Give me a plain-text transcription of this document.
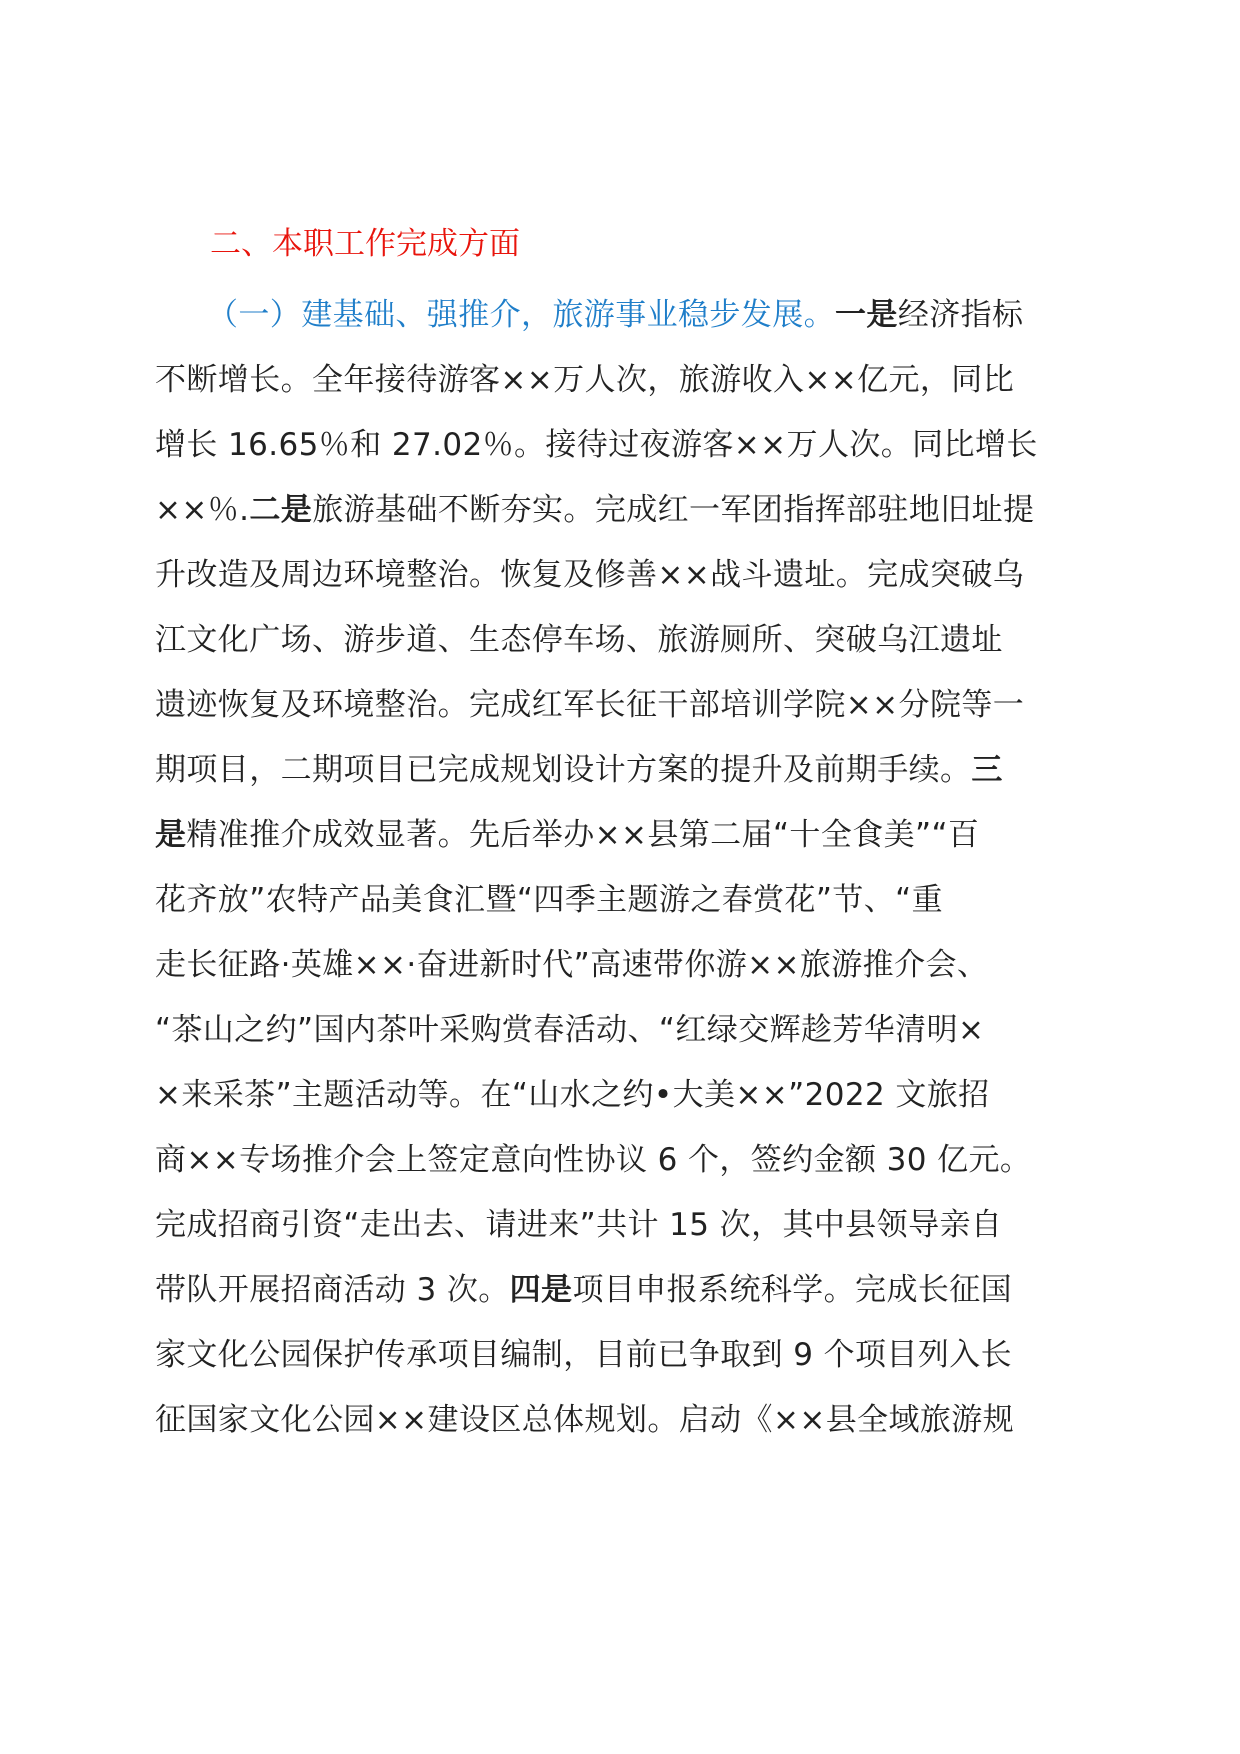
二、本职工作完成方面
（一）建基础、强推介，旅游事业稳步发展。一是经济指标
不断增长。全年接待游客××万人次，旅游收入××亿元，同比
增长 16.65％和 27.02％。接待过夜游客××万人次。同比增长
××％.二是旅游基础不断夯实。完成红一军团指挥部驻地旧址提
升改造及周边环境整治。恢复及修善××战斗遗址。完成突破乌
江文化广场、游步道、生态停车场、旅游厕所、突破乌江遗址
遗迹恢复及环境整治。完成红军长征干部培训学院××分院等一
期项目，二期项目已完成规划设计方案的提升及前期手续。三
是精准推介成效显著。先后举办××县第二届“十全食美”“百
花齐放”农特产品美食汇暨“四季主题游之春赏花”节、“重
走长征路·英雄××·奋进新时代”高速带你游××旅游推介会、
“茶山之约”国内茶叶采购赏春活动、“红绿交辉趁芳华清明×
×来采茶”主题活动等。在“山水之约•大美××”2022 文旅招
商××专场推介会上签定意向性协议 6 个，签约金额 30 亿元。
完成招商引资“走出去、请进来”共计 15 次，其中县领导亲自
带队开展招商活动 3 次。四是项目申报系统科学。完成长征国
家文化公园保护传承项目编制，目前已争取到 9 个项目列入长
征国家文化公园××建设区总体规划。启动《××县全域旅游规
